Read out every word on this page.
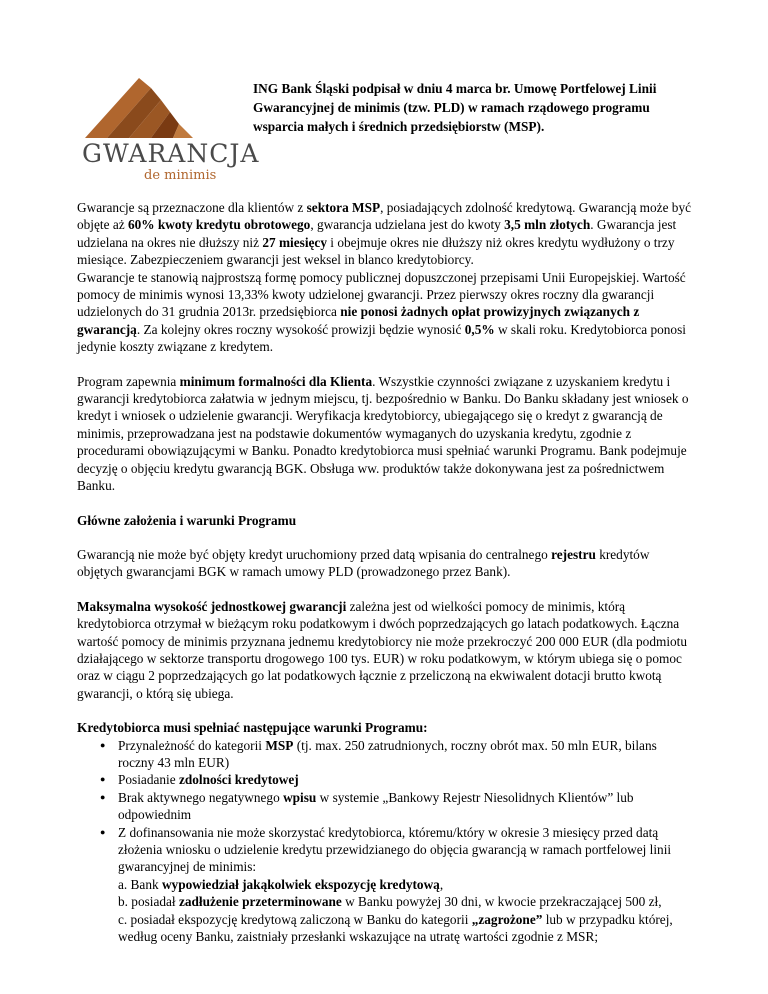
GWARANCJA
de minimis
ING Bank Śląski podpisał w dniu 4 marca br. Umowę Portfelowej Linii Gwarancyjnej de minimis (tzw. PLD) w ramach rządowego programu wsparcia małych i średnich przedsiębiorstw (MSP).

Gwarancje są przeznaczone dla klientów z sektora MSP, posiadających zdolność kredytową. Gwarancją może być objęte aż 60% kwoty kredytu obrotowego, gwarancja udzielana jest do kwoty 3,5 mln złotych. Gwarancja jest udzielana na okres nie dłuższy niż 27 miesięcy i obejmuje okres nie dłuższy niż okres kredytu wydłużony o trzy miesiące. Zabezpieczeniem gwarancji jest weksel in blanco kredytobiorcy.

Gwarancje te stanowią najprostszą formę pomocy publicznej dopuszczonej przepisami Unii Europejskiej. Wartość pomocy de minimis wynosi 13,33% kwoty udzielonej gwarancji. Przez pierwszy okres roczny dla gwarancji udzielonych do 31 grudnia 2013r. przedsiębiorca nie ponosi żadnych opłat prowizyjnych związanych z gwarancją. Za kolejny okres roczny wysokość prowizji będzie wynosić 0,5% w skali roku. Kredytobiorca ponosi jedynie koszty związane z kredytem.

Program zapewnia minimum formalności dla Klienta. Wszystkie czynności związane z uzyskaniem kredytu i gwarancji kredytobiorca załatwia w jednym miejscu, tj. bezpośrednio w Banku. Do Banku składany jest wniosek o kredyt i wniosek o udzielenie gwarancji. Weryfikacja kredytobiorcy, ubiegającego się o kredyt z gwarancją de minimis, przeprowadzana jest na podstawie dokumentów wymaganych do uzyskania kredytu, zgodnie z procedurami obowiązującymi w Banku. Ponadto kredytobiorca musi spełniać warunki Programu. Bank podejmuje decyzję o objęciu kredytu gwarancją BGK. Obsługa ww. produktów także dokonywana jest za pośrednictwem Banku.

Główne założenia i warunki Programu

Gwarancją nie może być objęty kredyt uruchomiony przed datą wpisania do centralnego rejestru kredytów objętych gwarancjami BGK w ramach umowy PLD (prowadzonego przez Bank).

Maksymalna wysokość jednostkowej gwarancji zależna jest od wielkości pomocy de minimis, którą kredytobiorca otrzymał w bieżącym roku podatkowym i dwóch poprzedzających go latach podatkowych. Łączna wartość pomocy de minimis przyznana jednemu kredytobiorcy nie może przekroczyć 200 000 EUR (dla podmiotu działającego w sektorze transportu drogowego 100 tys. EUR) w roku podatkowym, w którym ubiega się o pomoc oraz w ciągu 2 poprzedzających go lat podatkowych łącznie z przeliczoną na ekwiwalent dotacji brutto kwotą gwarancji, o którą się ubiega.

Kredytobiorca musi spełniać następujące warunki Programu:

● Przynależność do kategorii MSP (tj. max. 250 zatrudnionych, roczny obrót max. 50 mln EUR, bilans roczny 43 mln EUR)
● Posiadanie zdolności kredytowej
● Brak aktywnego negatywnego wpisu w systemie „Bankowy Rejestr Niesolidnych Klientów” lub odpowiednim
● Z dofinansowania nie może skorzystać kredytobiorca, któremu/który w okresie 3 miesięcy przed datą złożenia wniosku o udzielenie kredytu przewidzianego do objęcia gwarancją w ramach portfelowej linii gwarancyjnej de minimis:
a. Bank wypowiedział jakąkolwiek ekspozycję kredytową,
b. posiadał zadłużenie przeterminowane w Banku powyżej 30 dni, w kwocie przekraczającej 500 zł,
c. posiadał ekspozycję kredytową zaliczoną w Banku do kategorii „zagrożone” lub w przypadku której, według oceny Banku, zaistniały przesłanki wskazujące na utratę wartości zgodnie z MSR;
